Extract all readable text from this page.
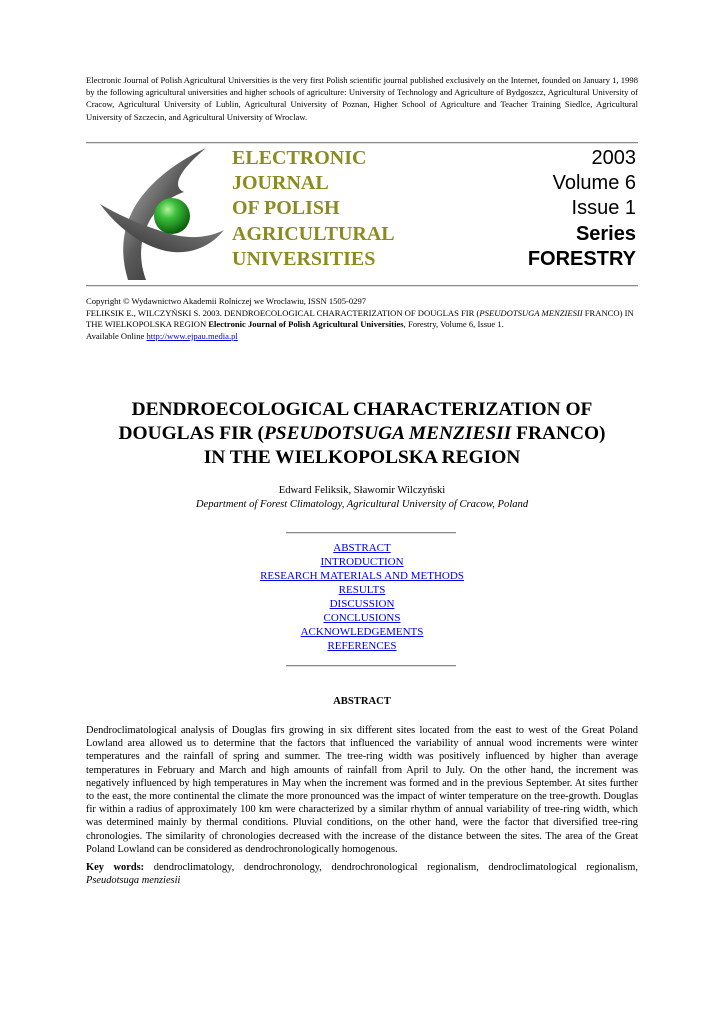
Electronic Journal of Polish Agricultural Universities is the very first Polish scientific journal published exclusively on the Internet, founded on January 1, 1998 by the following agricultural universities and higher schools of agriculture: University of Technology and Agriculture of Bydgoszcz, Agricultural University of Cracow, Agricultural University of Lublin, Agricultural University of Poznan, Higher School of Agriculture and Teacher Training Siedlce, Agricultural University of Szczecin, and Agricultural University of Wroclaw.
ELECTRONIC
JOURNAL
OF POLISH
AGRICULTURAL
UNIVERSITIES
2003
Volume 6
Issue 1
Series
FORESTRY
Copyright © Wydawnictwo Akademii Rolniczej we Wroclawiu, ISSN 1505-0297
FELIKSIK E., WILCZYŃSKI S. 2003. DENDROECOLOGICAL CHARACTERIZATION OF DOUGLAS FIR (PSEUDOTSUGA MENZIESII FRANCO) IN THE WIELKOPOLSKA REGION Electronic Journal of Polish Agricultural Universities, Forestry, Volume 6, Issue 1.
Available Online http://www.ejpau.media.pl
DENDROECOLOGICAL CHARACTERIZATION OF
DOUGLAS FIR (PSEUDOTSUGA MENZIESII FRANCO)
IN THE WIELKOPOLSKA REGION
Edward Feliksik, Sławomir Wilczyński
Department of Forest Climatology, Agricultural University of Cracow, Poland
ABSTRACT
INTRODUCTION
RESEARCH MATERIALS AND METHODS
RESULTS
DISCUSSION
CONCLUSIONS
ACKNOWLEDGEMENTS
REFERENCES
ABSTRACT
Dendroclimatological analysis of Douglas firs growing in six different sites located from the east to west of the Great Poland Lowland area allowed us to determine that the factors that influenced the variability of annual wood increments were winter temperatures and the rainfall of spring and summer. The tree-ring width was positively influenced by higher than average temperatures in February and March and high amounts of rainfall from April to July. On the other hand, the increment was negatively influenced by high temperatures in May when the increment was formed and in the previous September. At sites further to the east, the more continental the climate the more pronounced was the impact of winter temperature on the tree-growth. Douglas fir within a radius of approximately 100 km were characterized by a similar rhythm of annual variability of tree-ring width, which was determined mainly by thermal conditions. Pluvial conditions, on the other hand, were the factor that diversified tree-ring chronologies. The similarity of chronologies decreased with the increase of the distance between the sites. The area of the Great Poland Lowland can be considered as dendrochronologically homogenous.
Key words: dendroclimatology, dendrochronology, dendrochronological regionalism, dendroclimatological regionalism, Pseudotsuga menziesii
